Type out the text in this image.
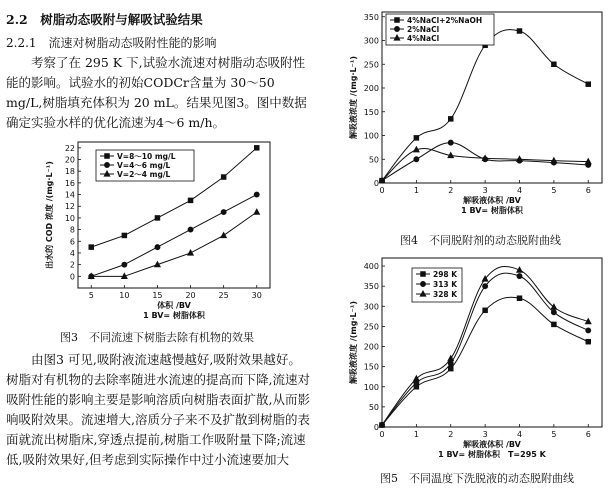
2.2　树脂动态吸附与解吸试验结果
2.2.1　流速对树脂动态吸附性能的影响
考察了在 295 K 下,试验水流速对树脂动态吸附性能的影响。试验水的初始CODCr含量为 30～50 mg/L,树脂填充体积为 20 mL。结果见图3。图中数据确定实验水样的优化流速为4～6 m/h。
5	10	15	20	25	30
0
2
4
6
8
10
12
14
16
18
20
22
体积 /BV
1 BV= 树脂体积
出水的 COD 浓度 /(mg·L⁻¹)
V=8～10 mg/L
V=4～6 mg/L
V=2～4 mg/L
图3　不同流速下树脂去除有机物的效果
由图3 可见,吸附液流速越慢越好,吸附效果越好。树脂对有机物的去除率随进水流速的提高而下降,流速对吸附性能的影响主要是影响溶质向树脂表面扩散,从而影响吸附效果。流速增大,溶质分子来不及扩散到树脂的表面就流出树脂床,穿透点提前,树脂工作吸附量下降;流速低,吸附效果好,但考虑到实际操作中过小流速要加大
0	1	2	3	4	5	6
0
50
100
150
200
250
300
350
解吸液体积 /BV
1 BV= 树脂体积
解吸液浓度 /(mg·L⁻¹)
4%NaCl+2%NaOH
2%NaCl
4%NaCl
图4　不同脱附剂的动态脱附曲线
0	1	2	3	4	5	6
0
50
100
150
200
250
300
350
400
解吸液体积 /BV
1 BV= 树脂体积　T=295 K
解吸液浓度 /(mg·L⁻¹)
298 K
313 K
328 K
图5　不同温度下洗脱液的动态脱附曲线
